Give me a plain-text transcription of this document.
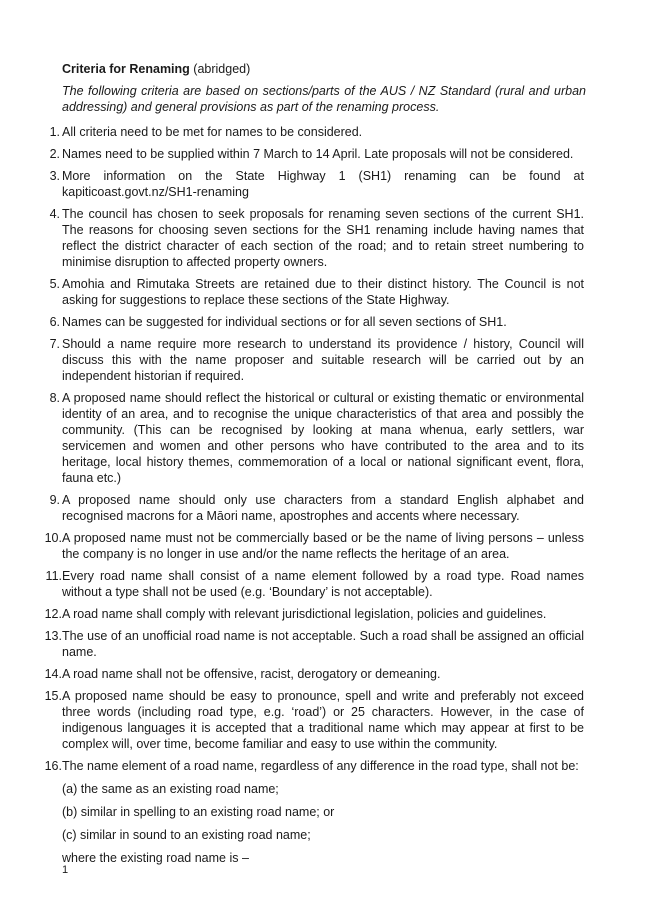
Criteria for Renaming (abridged)
The following criteria are based on sections/parts of the AUS / NZ Standard (rural and urban addressing) and general provisions as part of the renaming process.
1. All criteria need to be met for names to be considered.
2. Names need to be supplied within 7 March to 14 April. Late proposals will not be considered.
3. More information on the State Highway 1 (SH1) renaming can be found at kapiticoast.govt.nz/SH1-renaming
4. The council has chosen to seek proposals for renaming seven sections of the current SH1. The reasons for choosing seven sections for the SH1 renaming include having names that reflect the district character of each section of the road; and to retain street numbering to minimise disruption to affected property owners.
5. Amohia and Rimutaka Streets are retained due to their distinct history. The Council is not asking for suggestions to replace these sections of the State Highway.
6. Names can be suggested for individual sections or for all seven sections of SH1.
7. Should a name require more research to understand its providence / history, Council will discuss this with the name proposer and suitable research will be carried out by an independent historian if required.
8. A proposed name should reflect the historical or cultural or existing thematic or environmental identity of an area, and to recognise the unique characteristics of that area and possibly the community. (This can be recognised by looking at mana whenua, early settlers, war servicemen and women and other persons who have contributed to the area and to its heritage, local history themes, commemoration of a local or national significant event, flora, fauna etc.)
9. A proposed name should only use characters from a standard English alphabet and recognised macrons for a Māori name, apostrophes and accents where necessary.
10. A proposed name must not be commercially based or be the name of living persons – unless the company is no longer in use and/or the name reflects the heritage of an area.
11. Every road name shall consist of a name element followed by a road type. Road names without a type shall not be used (e.g. ‘Boundary’ is not acceptable).
12. A road name shall comply with relevant jurisdictional legislation, policies and guidelines.
13. The use of an unofficial road name is not acceptable. Such a road shall be assigned an official name.
14. A road name shall not be offensive, racist, derogatory or demeaning.
15. A proposed name should be easy to pronounce, spell and write and preferably not exceed three words (including road type, e.g. ‘road’) or 25 characters. However, in the case of indigenous languages it is accepted that a traditional name which may appear at first to be complex will, over time, become familiar and easy to use within the community.
16. The name element of a road name, regardless of any difference in the road type, shall not be:
(a) the same as an existing road name;
(b) similar in spelling to an existing road name; or
(c) similar in sound to an existing road name;
where the existing road name is –
1
